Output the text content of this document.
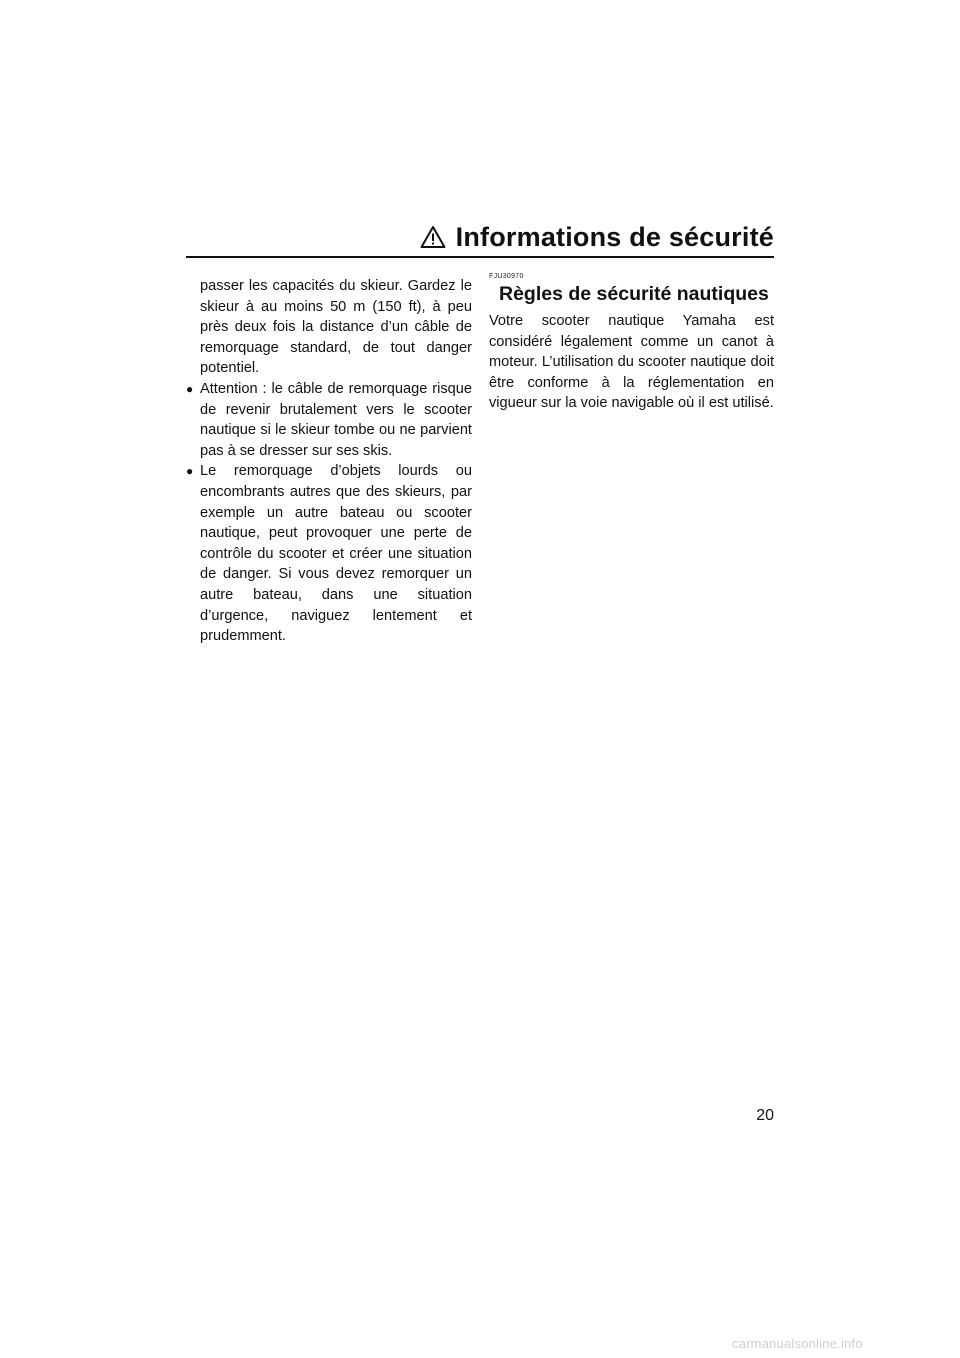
Informations de sécurité

passer les capacités du skieur. Gardez le skieur à au moins 50 m (150 ft), à peu près deux fois la distance d’un câble de remorquage standard, de tout danger potentiel.

● Attention : le câble de remorquage risque de revenir brutalement vers le scooter nautique si le skieur tombe ou ne parvient pas à se dresser sur ses skis.
● Le remorquage d’objets lourds ou encombrants autres que des skieurs, par exemple un autre bateau ou scooter nautique, peut provoquer une perte de contrôle du scooter et créer une situation de danger. Si vous devez remorquer un autre bateau, dans une situation d’urgence, naviguez lentement et prudemment.
FJU30970
Règles de sécurité nautiques

Votre scooter nautique Yamaha est considéré légalement comme un canot à moteur. L’utilisation du scooter nautique doit être conforme à la réglementation en vigueur sur la voie navigable où il est utilisé.

20
carmanualsonline.info
